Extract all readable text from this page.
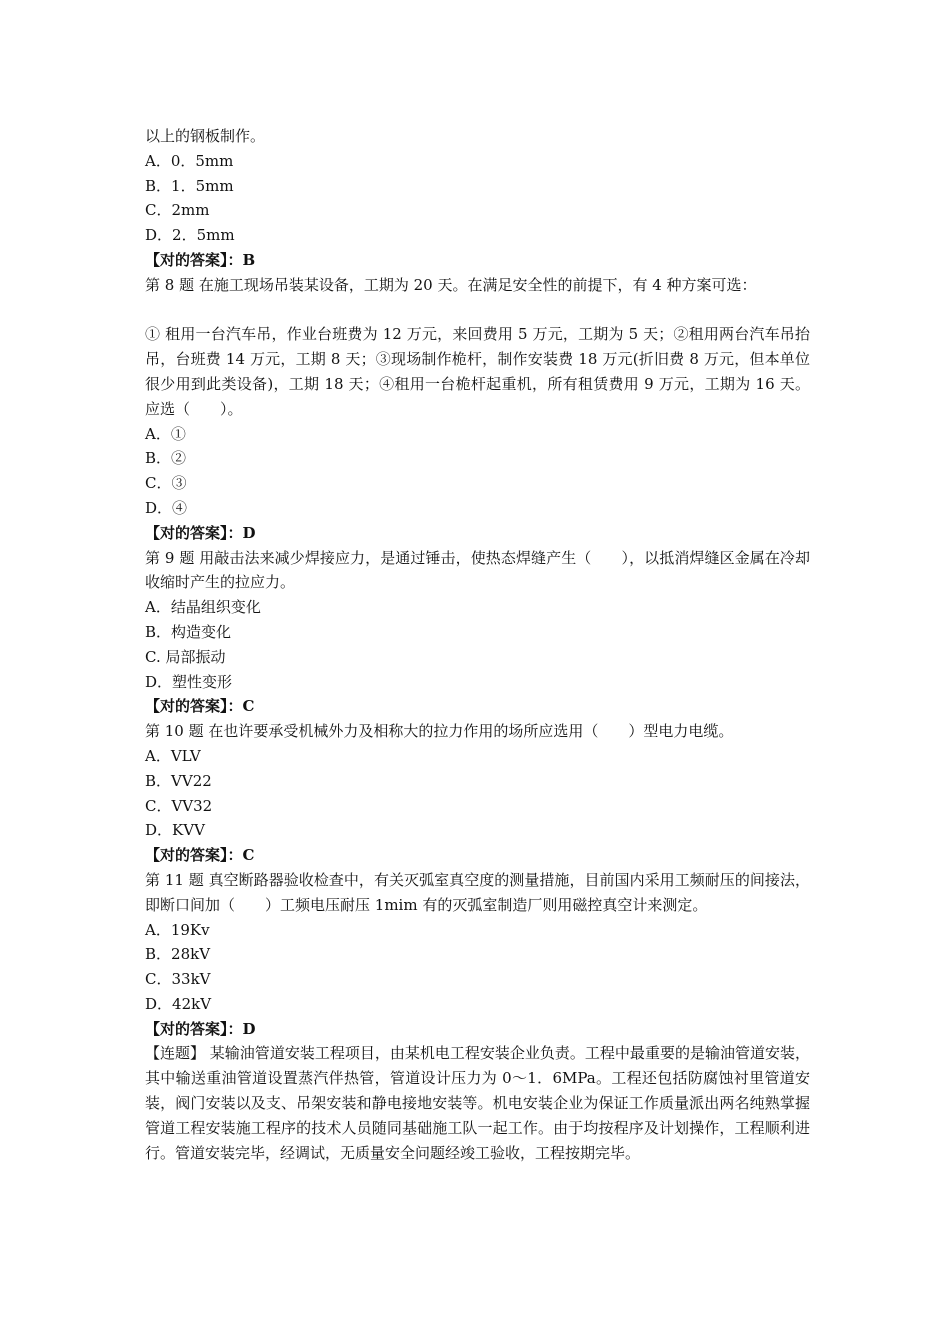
以上的钢板制作。
A．0．5mm
B．1．5mm
C．2mm
D．2．5mm
【对的答案】：B
第 8 题 在施工现场吊装某设备，工期为 20 天。在满足安全性的前提下，有 4 种方案可选：
① 租用一台汽车吊，作业台班费为 12 万元，来回费用 5 万元，工期为 5 天；②租用两台汽车吊抬吊，台班费 14 万元，工期 8 天；③现场制作桅杆，制作安装费 18 万元(折旧费 8 万元，但本单位很少用到此类设备)，工期 18 天；④租用一台桅杆起重机，所有租赁费用 9 万元，工期为 16 天。应选（　　）。
A．①
B．②
C．③
D．④
【对的答案】：D
第 9 题 用敲击法来减少焊接应力，是通过锤击，使热态焊缝产生（　　），以抵消焊缝区金属在冷却收缩时产生的拉应力。
A．结晶组织变化
B．构造变化
C. 局部振动
D．塑性变形
【对的答案】：C
第 10 题 在也许要承受机械外力及相称大的拉力作用的场所应选用（　　）型电力电缆。
A．VLV
B．VV22
C．VV32
D．KVV
【对的答案】：C
第 11 题 真空断路器验收检查中，有关灭弧室真空度的测量措施，目前国内采用工频耐压的间接法，即断口间加（　　）工频电压耐压 1mim 有的灭弧室制造厂则用磁控真空计来测定。
A．19Kv
B．28kV
C．33kV
D．42kV
【对的答案】：D
【连题】 某输油管道安装工程项目，由某机电工程安装企业负责。工程中最重要的是输油管道安装，其中输送重油管道设置蒸汽伴热管，管道设计压力为 0～1．6MPa。工程还包括防腐蚀衬里管道安装，阀门安装以及支、吊架安装和静电接地安装等。机电安装企业为保证工作质量派出两名纯熟掌握管道工程安装施工程序的技术人员随同基础施工队一起工作。由于均按程序及计划操作，工程顺利进行。管道安装完毕，经调试，无质量安全问题经竣工验收，工程按期完毕。
